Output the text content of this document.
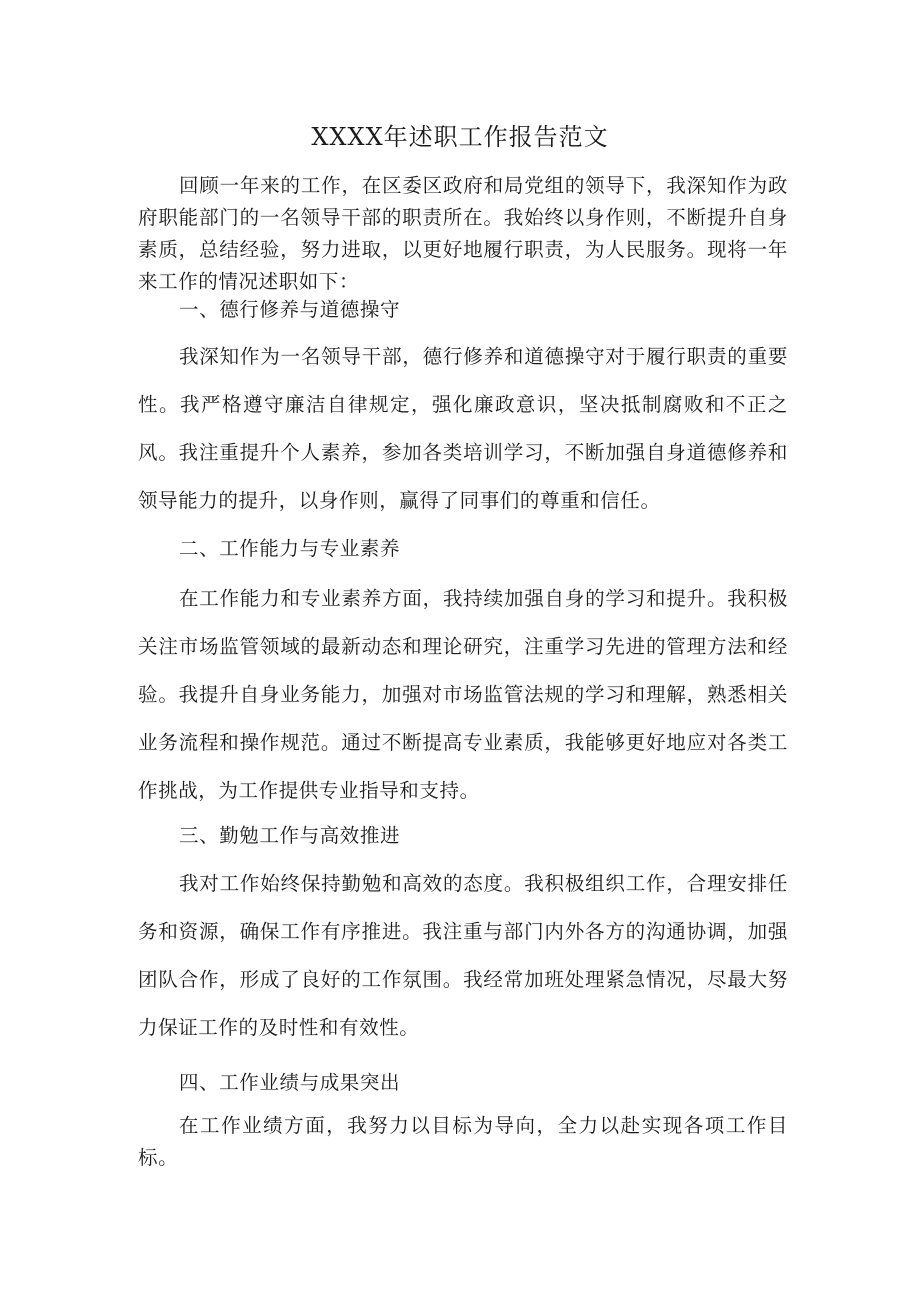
XXXX年述职工作报告范文

回顾一年来的工作，在区委区政府和局党组的领导下，我深知作为政府职能部门的一名领导干部的职责所在。我始终以身作则，不断提升自身素质，总结经验，努力进取，以更好地履行职责，为人民服务。现将一年来工作的情况述职如下：

一、德行修养与道德操守

我深知作为一名领导干部，德行修养和道德操守对于履行职责的重要性。我严格遵守廉洁自律规定，强化廉政意识，坚决抵制腐败和不正之风。我注重提升个人素养，参加各类培训学习，不断加强自身道德修养和领导能力的提升，以身作则，赢得了同事们的尊重和信任。

二、工作能力与专业素养

在工作能力和专业素养方面，我持续加强自身的学习和提升。我积极关注市场监管领域的最新动态和理论研究，注重学习先进的管理方法和经验。我提升自身业务能力，加强对市场监管法规的学习和理解，熟悉相关业务流程和操作规范。通过不断提高专业素质，我能够更好地应对各类工作挑战，为工作提供专业指导和支持。

三、勤勉工作与高效推进

我对工作始终保持勤勉和高效的态度。我积极组织工作，合理安排任务和资源，确保工作有序推进。我注重与部门内外各方的沟通协调，加强团队合作，形成了良好的工作氛围。我经常加班处理紧急情况，尽最大努力保证工作的及时性和有效性。

四、工作业绩与成果突出

在工作业绩方面，我努力以目标为导向，全力以赴实现各项工作目标。
